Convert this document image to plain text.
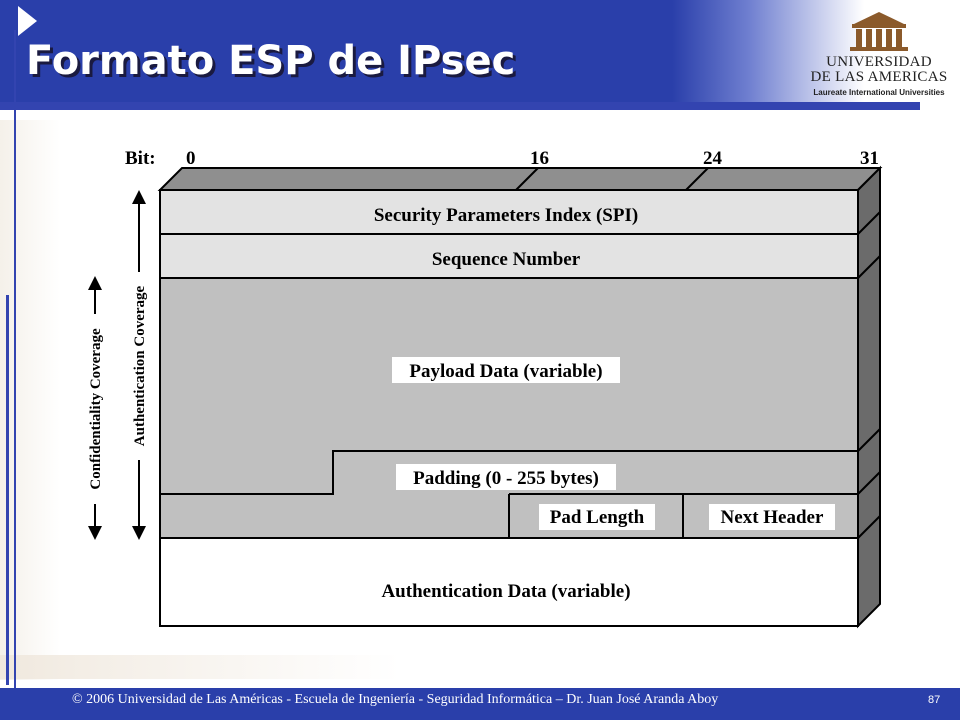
Formato ESP de IPsec	UNIVERSIDAD
DE LAS AMERICAS
Laureate International Universities
Bit: 0	16	24	31
Security Parameters Index (SPI)
Sequence Number
Payload Data (variable)
Padding (0 - 255 bytes)
Pad Length	Next Header
Authentication Data (variable)
Authentication Coverage
Confidentiality Coverage
© 2006 Universidad de Las Américas - Escuela de Ingeniería - Seguridad Informática – Dr. Juan José Aranda Aboy	87
